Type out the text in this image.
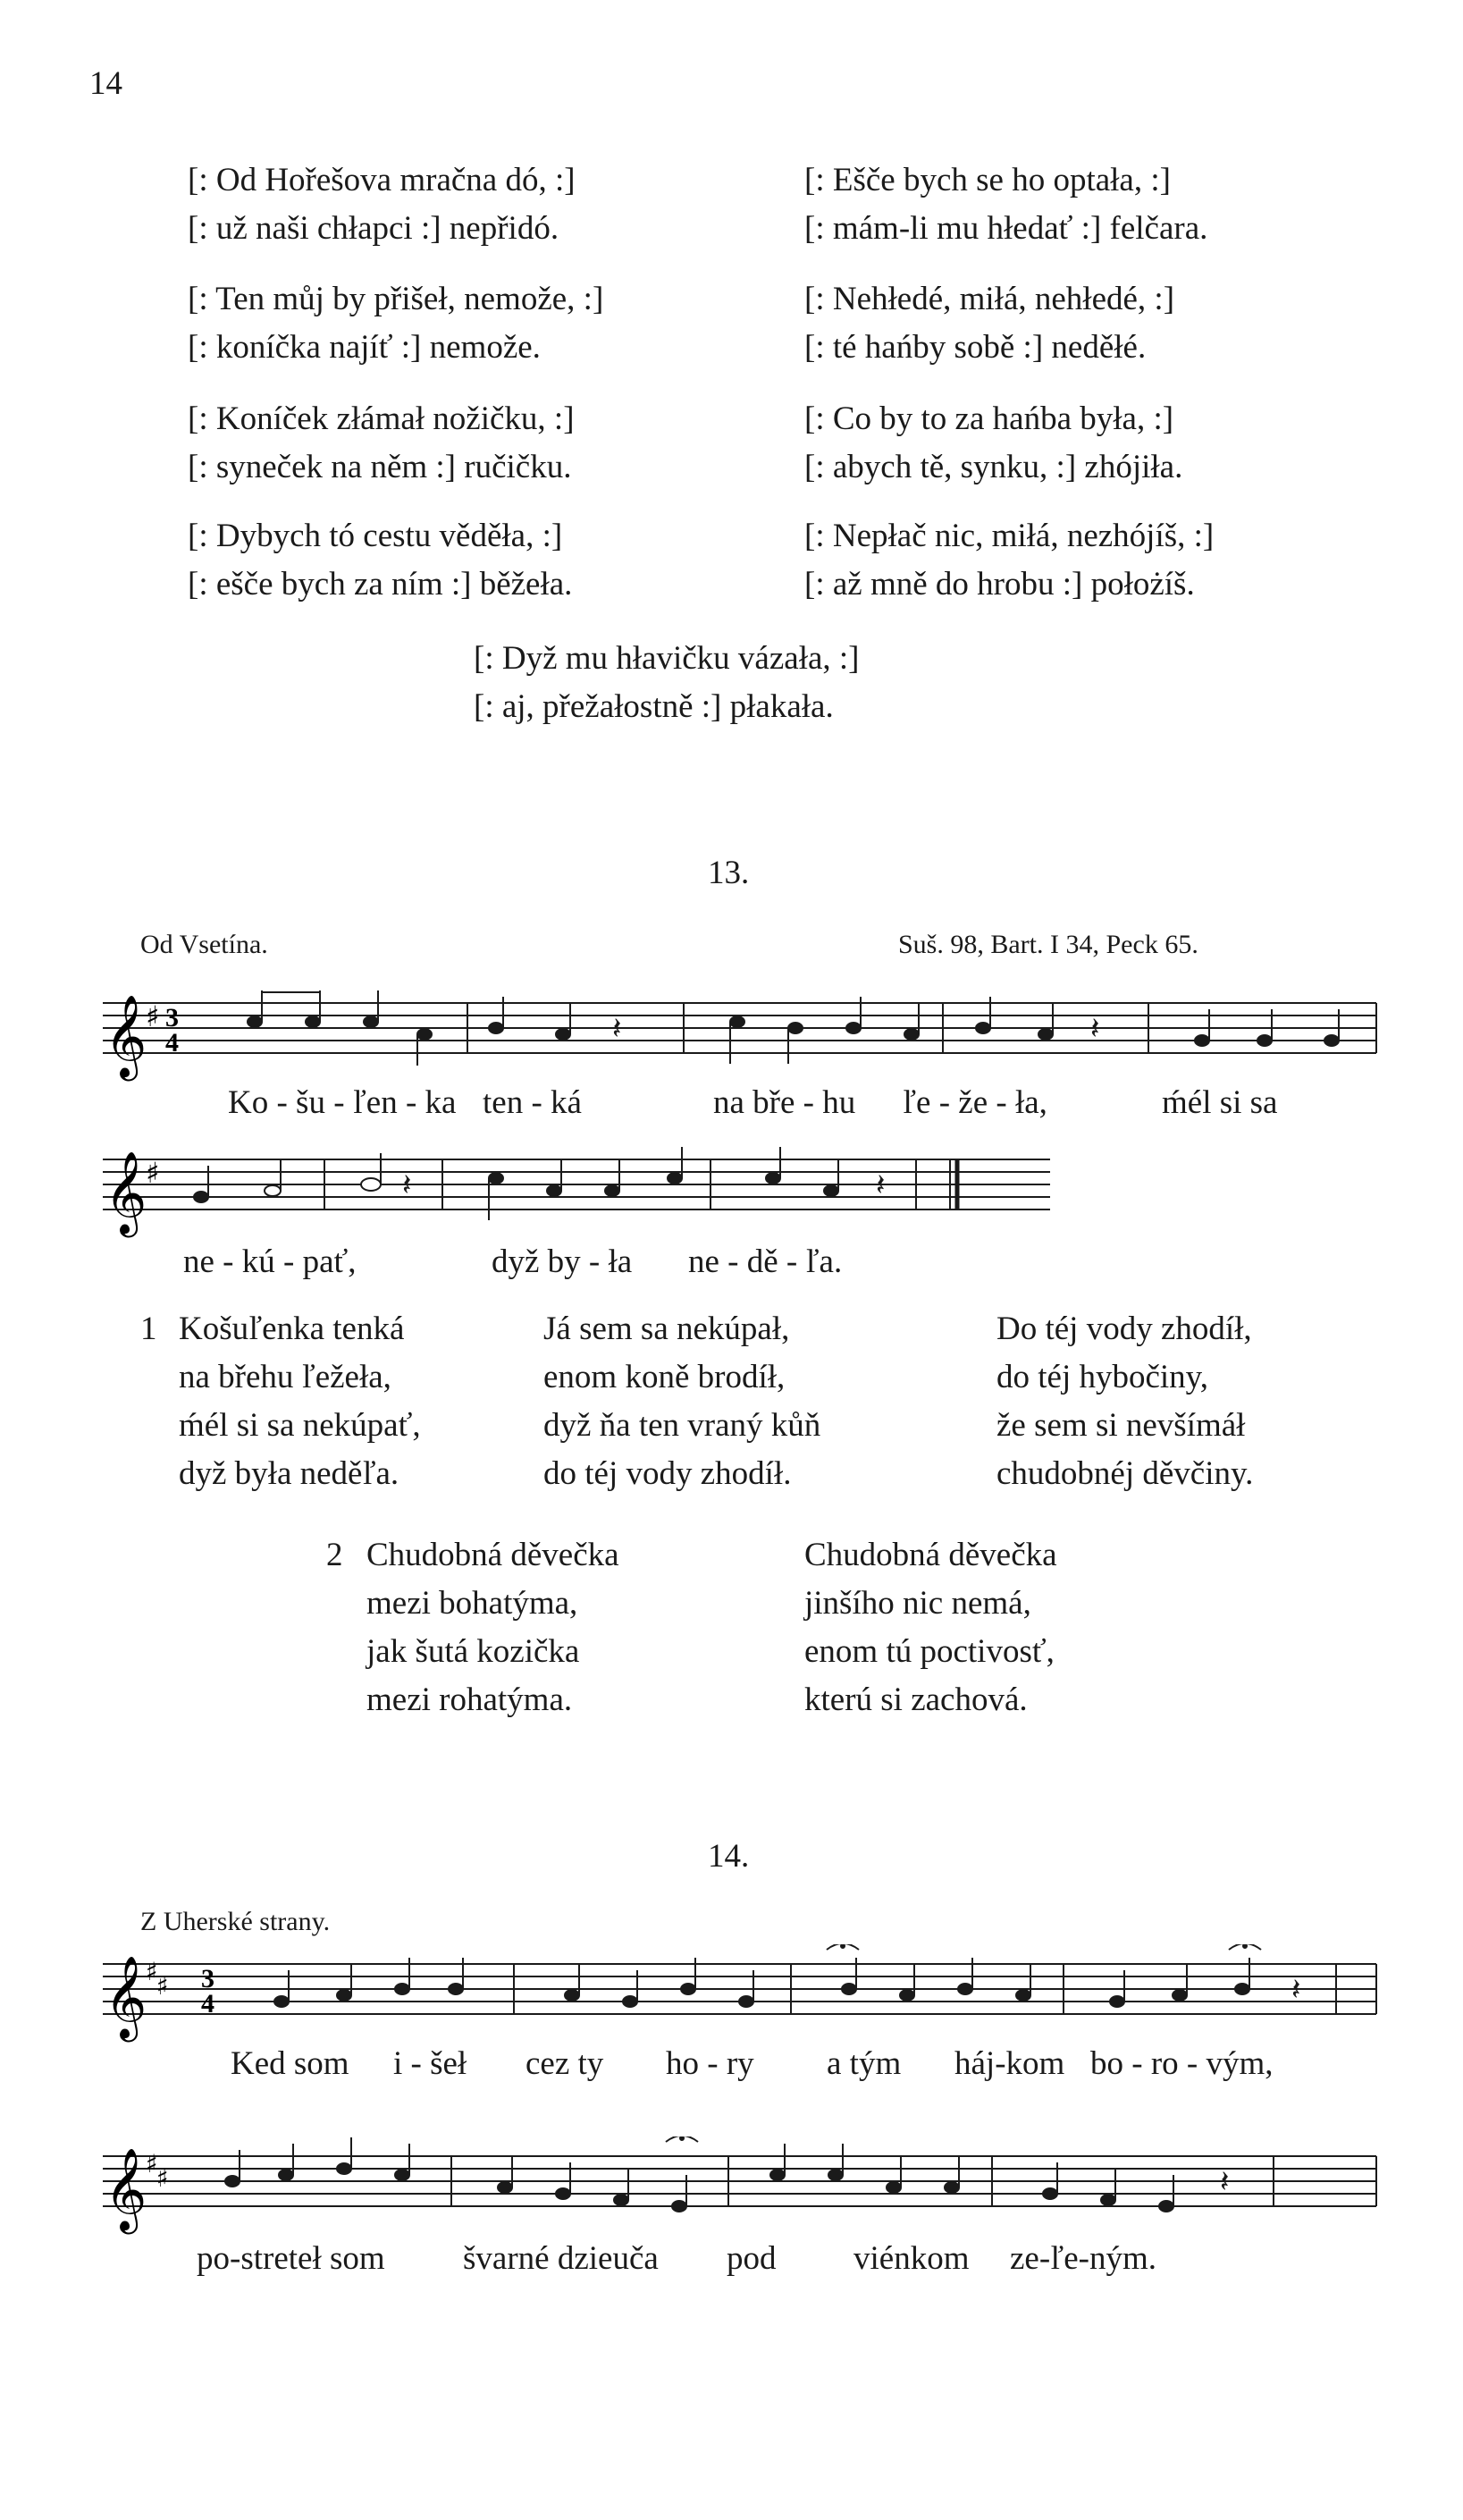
14
[: Od Hořešova mračna dó, :]
[: už naši chłapci :] nepřidó.
[: Ten můj by přišeł, nemože, :]
[: koníčka najíť :] nemože.
[: Koníček złámał nožičku, :]
[: syneček na něm :] ručičku.
[: Dybych tó cestu věděła, :]
[: ešče bych za ním :] běžeła.
[: Ešče bych se ho optała, :]
[: mám-li mu hłedať :] felčara.
[: Nehłedé, miłá, nehłedé, :]
[: té hańby sobě :] neděłé.
[: Co by to za hańba była, :]
[: abych tě, synku, :] zhójiła.
[: Nepłač nic, miłá, nezhójíš, :]
[: až mně do hrobu :] położíš.
[: Dyž mu hłavičku vázała, :]
[: aj, přežałostně :] płakała.
13.
Od Vsetína.	Suš. 98, Bart. I 34, Peck 65.
𝄞
♯ 3
4	𝄽	𝄽
Ko - šu - ľen - ka ten - ká	na bře - hu ľe - že - ła,	ḿél si sa
𝄞
♯	𝄽	𝄽
ne - kú - pať,	dyž by - ła ne - dě - ľa.
1 Košuľenka tenká
na břehu ľežeła,
ḿél si sa nekúpať,
dyž była neděľa.
Já sem sa nekúpał,
enom koně brodíł,
dyž ňa ten vraný kůň
do téj vody zhodíł.
Do téj vody zhodíł,
do téj hybočiny,
že sem si nevšímáł
chudobnéj děvčiny.
2 Chudobná děvečka
mezi bohatýma,
jak šutá kozička
mezi rohatýma.
Chudobná děvečka
jinšího nic nemá,
enom tú poctivosť,
kterú si zachová.
14.
Z Uherské strany.
𝄞
♯
♯ 3
4	𝄽
Ked som i - šeł cez ty ho - ry a tým háj-kom bo - ro - vým,
𝄞
♯
♯	𝄽
po-streteł som švarné dzieuča pod viénkom ze-ľe-ným.
